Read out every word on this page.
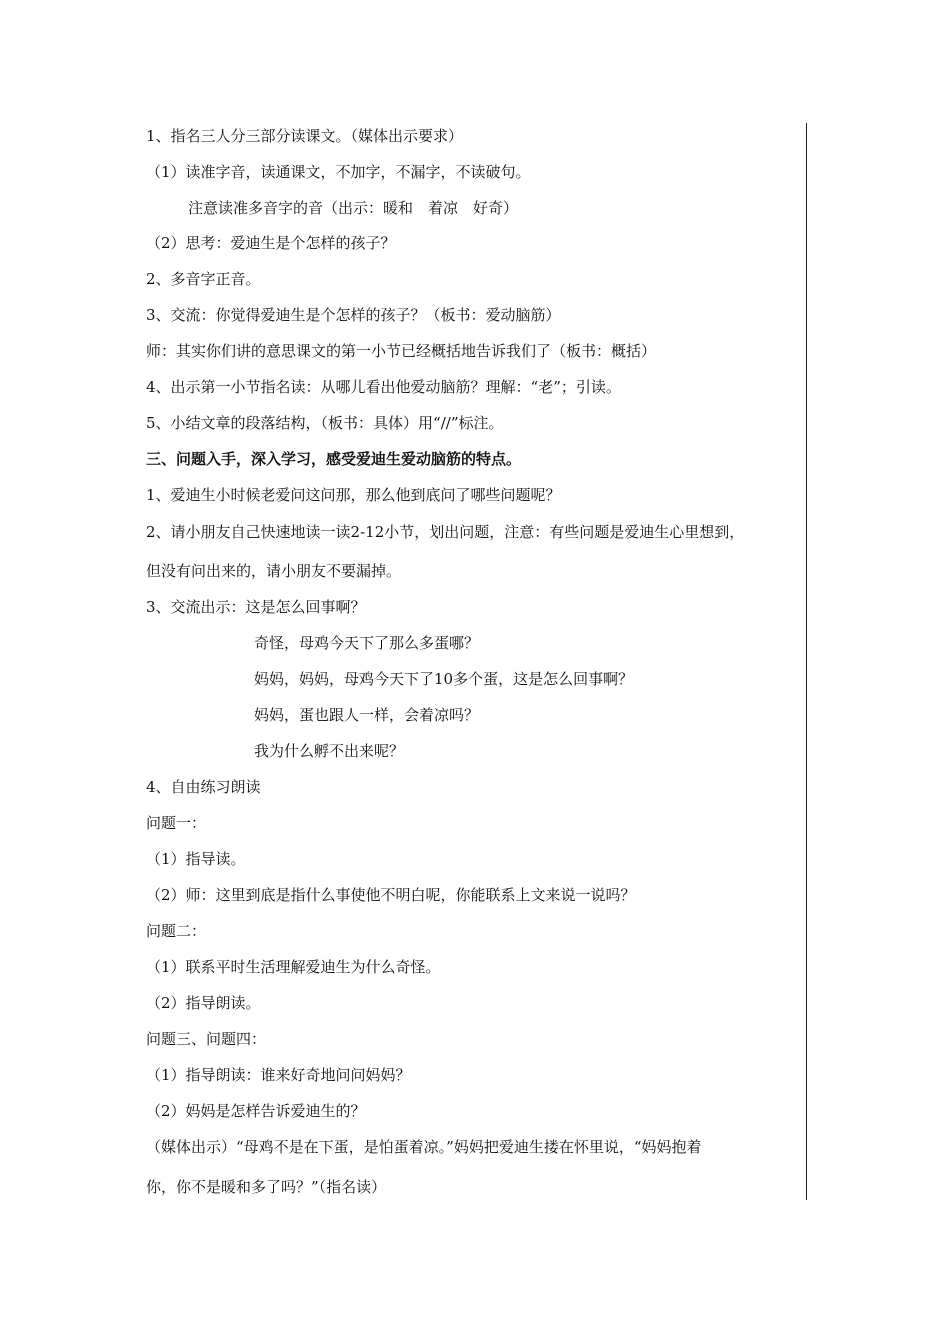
1、指名三人分三部分读课文。（媒体出示要求）
（1）读准字音，读通课文，不加字，不漏字，不读破句。
注意读准多音字的音（出示：暖和　着凉　好奇）
（2）思考：爱迪生是个怎样的孩子？
2、多音字正音。
3、交流：你觉得爱迪生是个怎样的孩子？（板书：爱动脑筋）
师：其实你们讲的意思课文的第一小节已经概括地告诉我们了（板书：概括）
4、出示第一小节指名读：从哪儿看出他爱动脑筋？理解：“老”；引读。
5、小结文章的段落结构，（板书：具体）用“//”标注。
三、问题入手，深入学习，感受爱迪生爱动脑筋的特点。
1、爱迪生小时候老爱问这问那，那么他到底问了哪些问题呢？
2、请小朋友自己快速地读一读2-12小节，划出问题，注意：有些问题是爱迪生心里想到，
但没有问出来的，请小朋友不要漏掉。
3、交流出示：这是怎么回事啊？
奇怪，母鸡今天下了那么多蛋哪？
妈妈，妈妈，母鸡今天下了10多个蛋，这是怎么回事啊？
妈妈，蛋也跟人一样，会着凉吗？
我为什么孵不出来呢？
4、自由练习朗读
问题一：
（1）指导读。
（2）师：这里到底是指什么事使他不明白呢，你能联系上文来说一说吗？
问题二：
（1）联系平时生活理解爱迪生为什么奇怪。
（2）指导朗读。
问题三、问题四：
（1）指导朗读：谁来好奇地问问妈妈？
（2）妈妈是怎样告诉爱迪生的？
（媒体出示）“母鸡不是在下蛋，是怕蛋着凉。”妈妈把爱迪生搂在怀里说，“妈妈抱着
你，你不是暖和多了吗？”（指名读）
